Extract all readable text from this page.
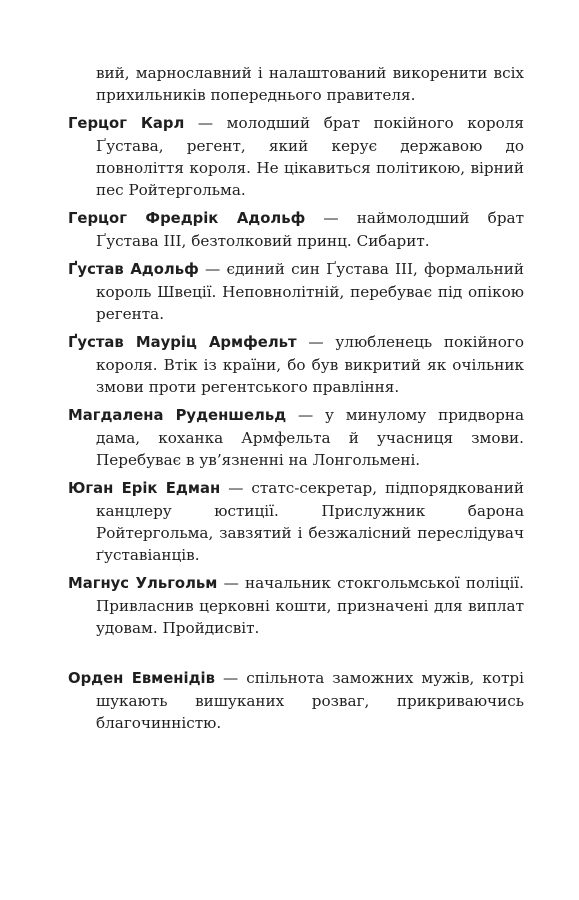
вий, марнославний і налаштований викоренити всіх прихильників попереднього правителя.

Герцог Карл — молодший брат покійного короля Ґустава, регент, який керує державою до повноліття короля. Не цікавиться політикою, вірний пес Ройтергольма.

Герцог Фредрік Адольф — наймолодший брат Ґустава III, безтолковий принц. Сибарит.

Ґустав Адольф — єдиний син Ґустава III, формальний король Швеції. Неповнолітній, перебуває під опікою регента.

Ґустав Мауріц Армфельт — улюбленець покійного короля. Втік із країни, бо був викритий як очільник змови проти регентського правління.

Магдалена Руденшельд — у минулому придворна дама, коханка Армфельта й учасниця змови. Перебуває в ув’язненні на Лонгольмені.

Юган Ерік Едман — статс-секретар, підпорядкований канцлеру юстиції. Прислужник барона Ройтергольма, завзятий і безжалісний переслідувач ґуставіанців.

Магнус Ульгольм — начальник стокгольмської поліції. Привласнив церковні кошти, призначені для виплат удовам. Пройдисвіт.

Орден Евменідів — спільнота заможних мужів, котрі шукають вишуканих розваг, прикриваючись благочинністю.
